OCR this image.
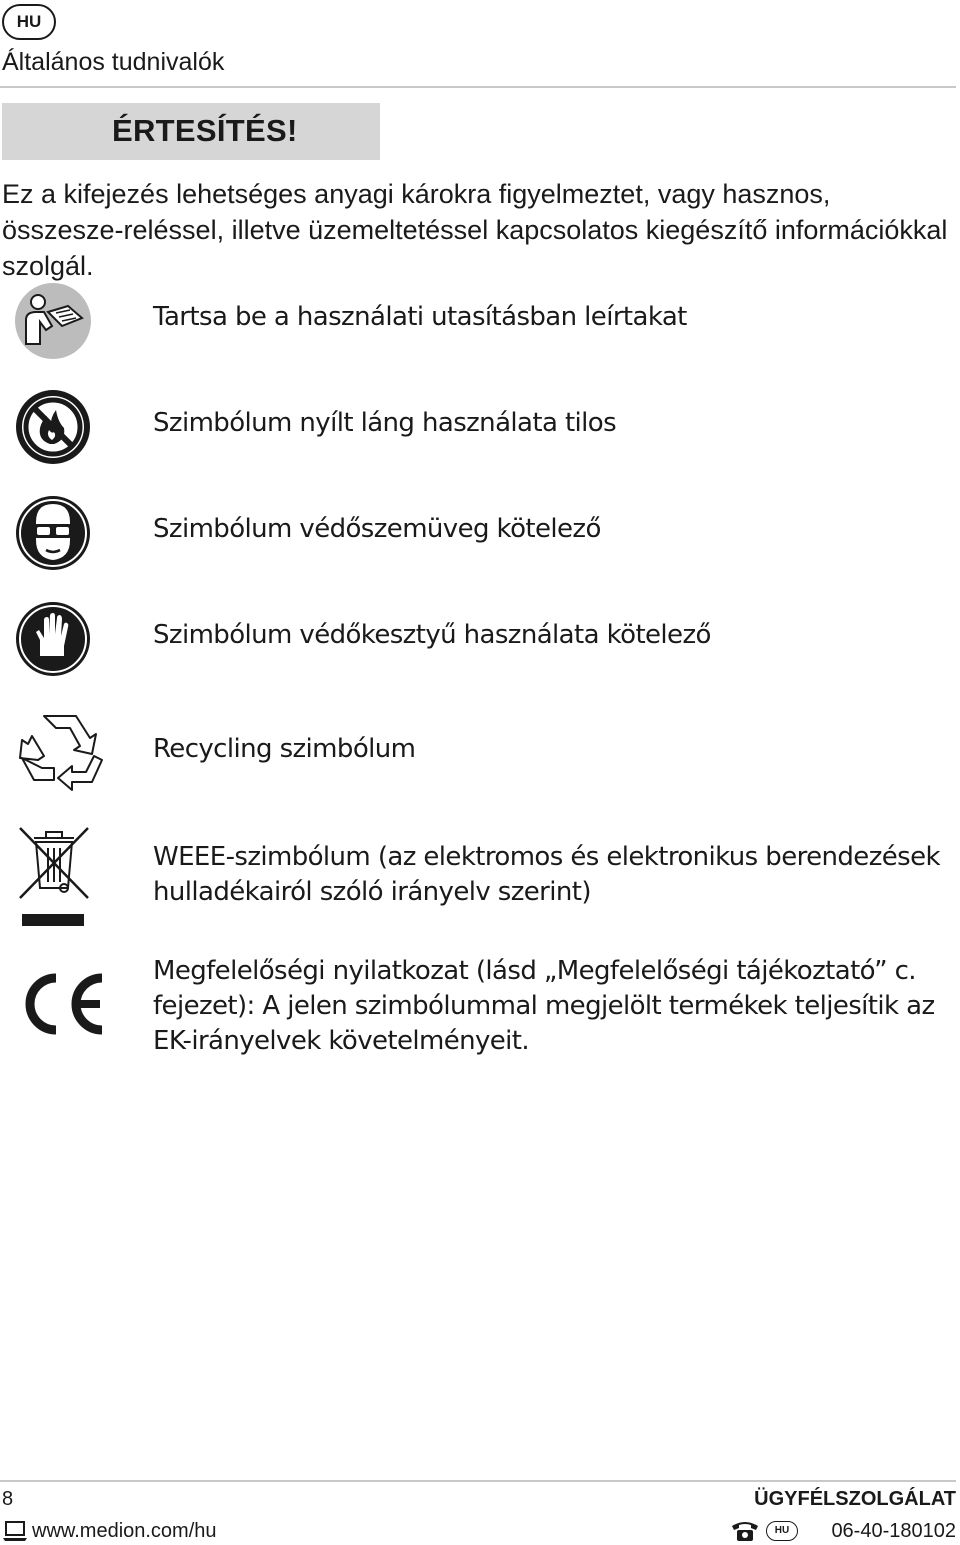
HU
Általános tudnivalók
ÉRTESÍTÉS!

Ez a kifejezés lehetséges anyagi károkra figyelmeztet, vagy hasznos, összesze-reléssel, illetve üzemeltetéssel kapcsolatos kiegészítő információkkal szolgál.

Tartsa be a használati utasításban leírtakat

Szimbólum nyílt láng használata tilos

Szimbólum védőszemüveg kötelező

Szimbólum védőkesztyű használata kötelező

Recycling szimbólum

WEEE-szimbólum (az elektromos és elektronikus berendezések hulladékairól szóló irányelv szerint)

Megfelelőségi nyilatkozat (lásd „Megfelelőségi tájékoztató” c. fejezet): A jelen szimbólummal megjelölt termékek teljesítik az EK-irányelvek követelményeit.

8	ÜGYFÉLSZOLGÁLAT
www.medion.com/hu	HU	06-40-180102
